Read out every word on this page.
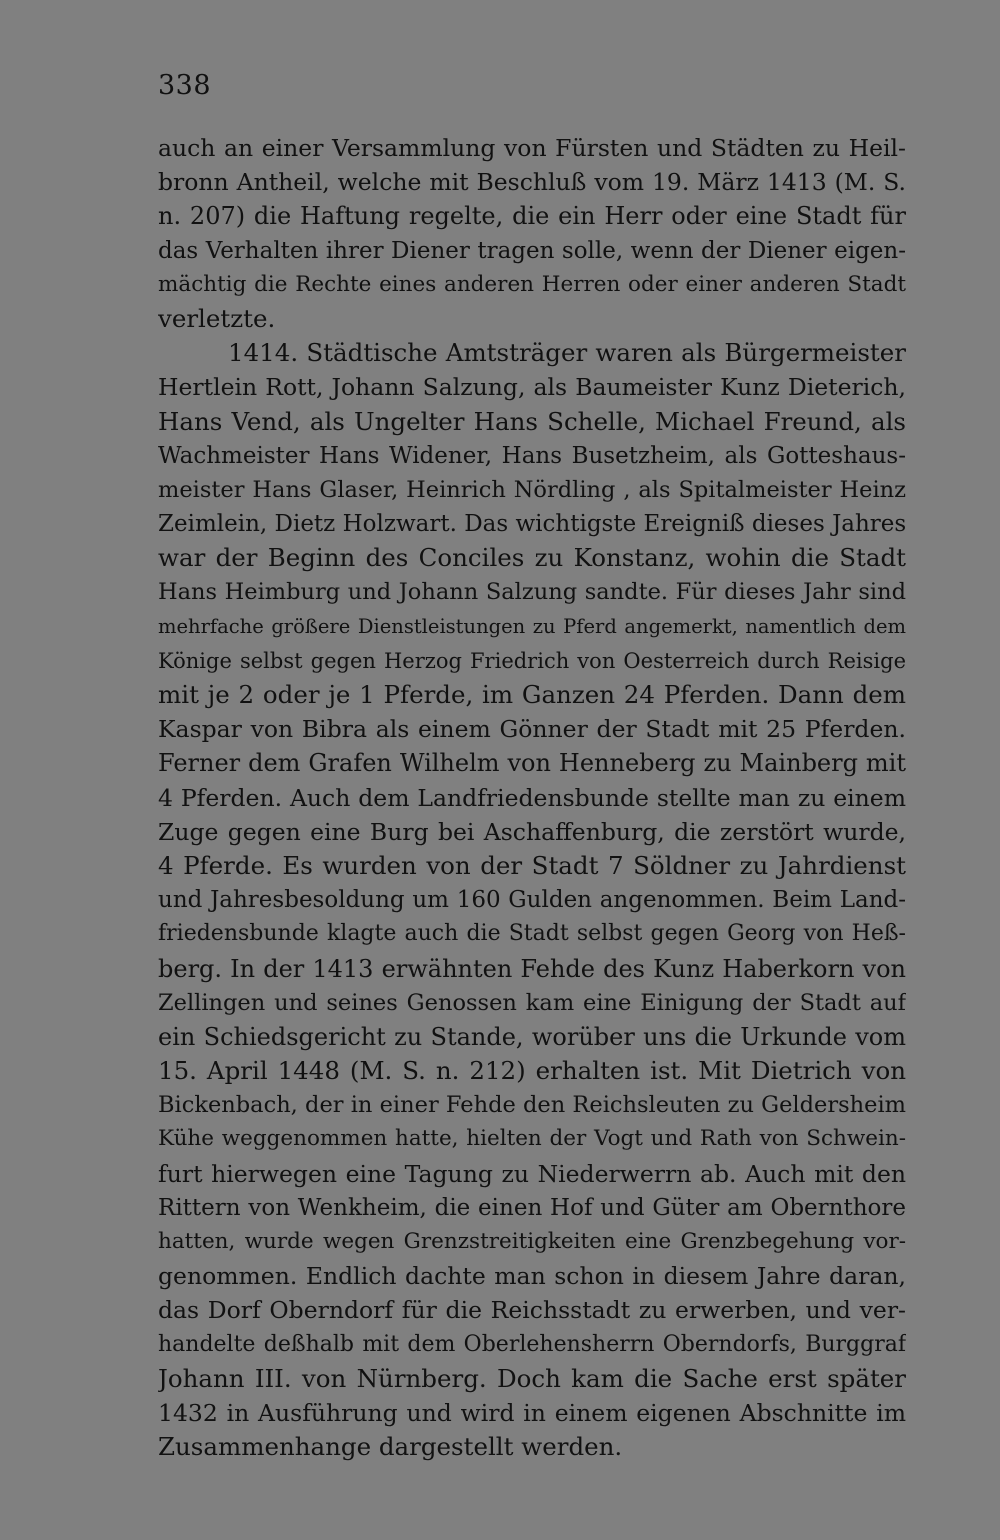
338
auch an einer Versammlung von Fürsten und Städten zu Heil-
bronn Antheil, welche mit Beschluß vom 19. März 1413 (M. S.
n. 207) die Haftung regelte, die ein Herr oder eine Stadt für
das Verhalten ihrer Diener tragen solle, wenn der Diener eigen-
mächtig die Rechte eines anderen Herren oder einer anderen Stadt
verletzte.
1414. Städtische Amtsträger waren als Bürgermeister
Hertlein Rott, Johann Salzung, als Baumeister Kunz Dieterich,
Hans Vend, als Ungelter Hans Schelle, Michael Freund, als
Wachmeister Hans Widener, Hans Busetzheim, als Gotteshaus-
meister Hans Glaser, Heinrich Nördling , als Spitalmeister Heinz
Zeimlein, Dietz Holzwart. Das wichtigste Ereigniß dieses Jahres
war der Beginn des Conciles zu Konstanz, wohin die Stadt
Hans Heimburg und Johann Salzung sandte. Für dieses Jahr sind
mehrfache größere Dienstleistungen zu Pferd angemerkt, namentlich dem
Könige selbst gegen Herzog Friedrich von Oesterreich durch Reisige
mit je 2 oder je 1 Pferde, im Ganzen 24 Pferden. Dann dem
Kaspar von Bibra als einem Gönner der Stadt mit 25 Pferden.
Ferner dem Grafen Wilhelm von Henneberg zu Mainberg mit
4 Pferden. Auch dem Landfriedensbunde stellte man zu einem
Zuge gegen eine Burg bei Aschaffenburg, die zerstört wurde,
4 Pferde. Es wurden von der Stadt 7 Söldner zu Jahrdienst
und Jahresbesoldung um 160 Gulden angenommen. Beim Land-
friedensbunde klagte auch die Stadt selbst gegen Georg von Heß-
berg. In der 1413 erwähnten Fehde des Kunz Haberkorn von
Zellingen und seines Genossen kam eine Einigung der Stadt auf
ein Schiedsgericht zu Stande, worüber uns die Urkunde vom
15. April 1448 (M. S. n. 212) erhalten ist. Mit Dietrich von
Bickenbach, der in einer Fehde den Reichsleuten zu Geldersheim
Kühe weggenommen hatte, hielten der Vogt und Rath von Schwein-
furt hierwegen eine Tagung zu Niederwerrn ab. Auch mit den
Rittern von Wenkheim, die einen Hof und Güter am Obernthore
hatten, wurde wegen Grenzstreitigkeiten eine Grenzbegehung vor-
genommen. Endlich dachte man schon in diesem Jahre daran,
das Dorf Oberndorf für die Reichsstadt zu erwerben, und ver-
handelte deßhalb mit dem Oberlehensherrn Oberndorfs, Burggraf
Johann III. von Nürnberg. Doch kam die Sache erst später
1432 in Ausführung und wird in einem eigenen Abschnitte im
Zusammenhange dargestellt werden.
